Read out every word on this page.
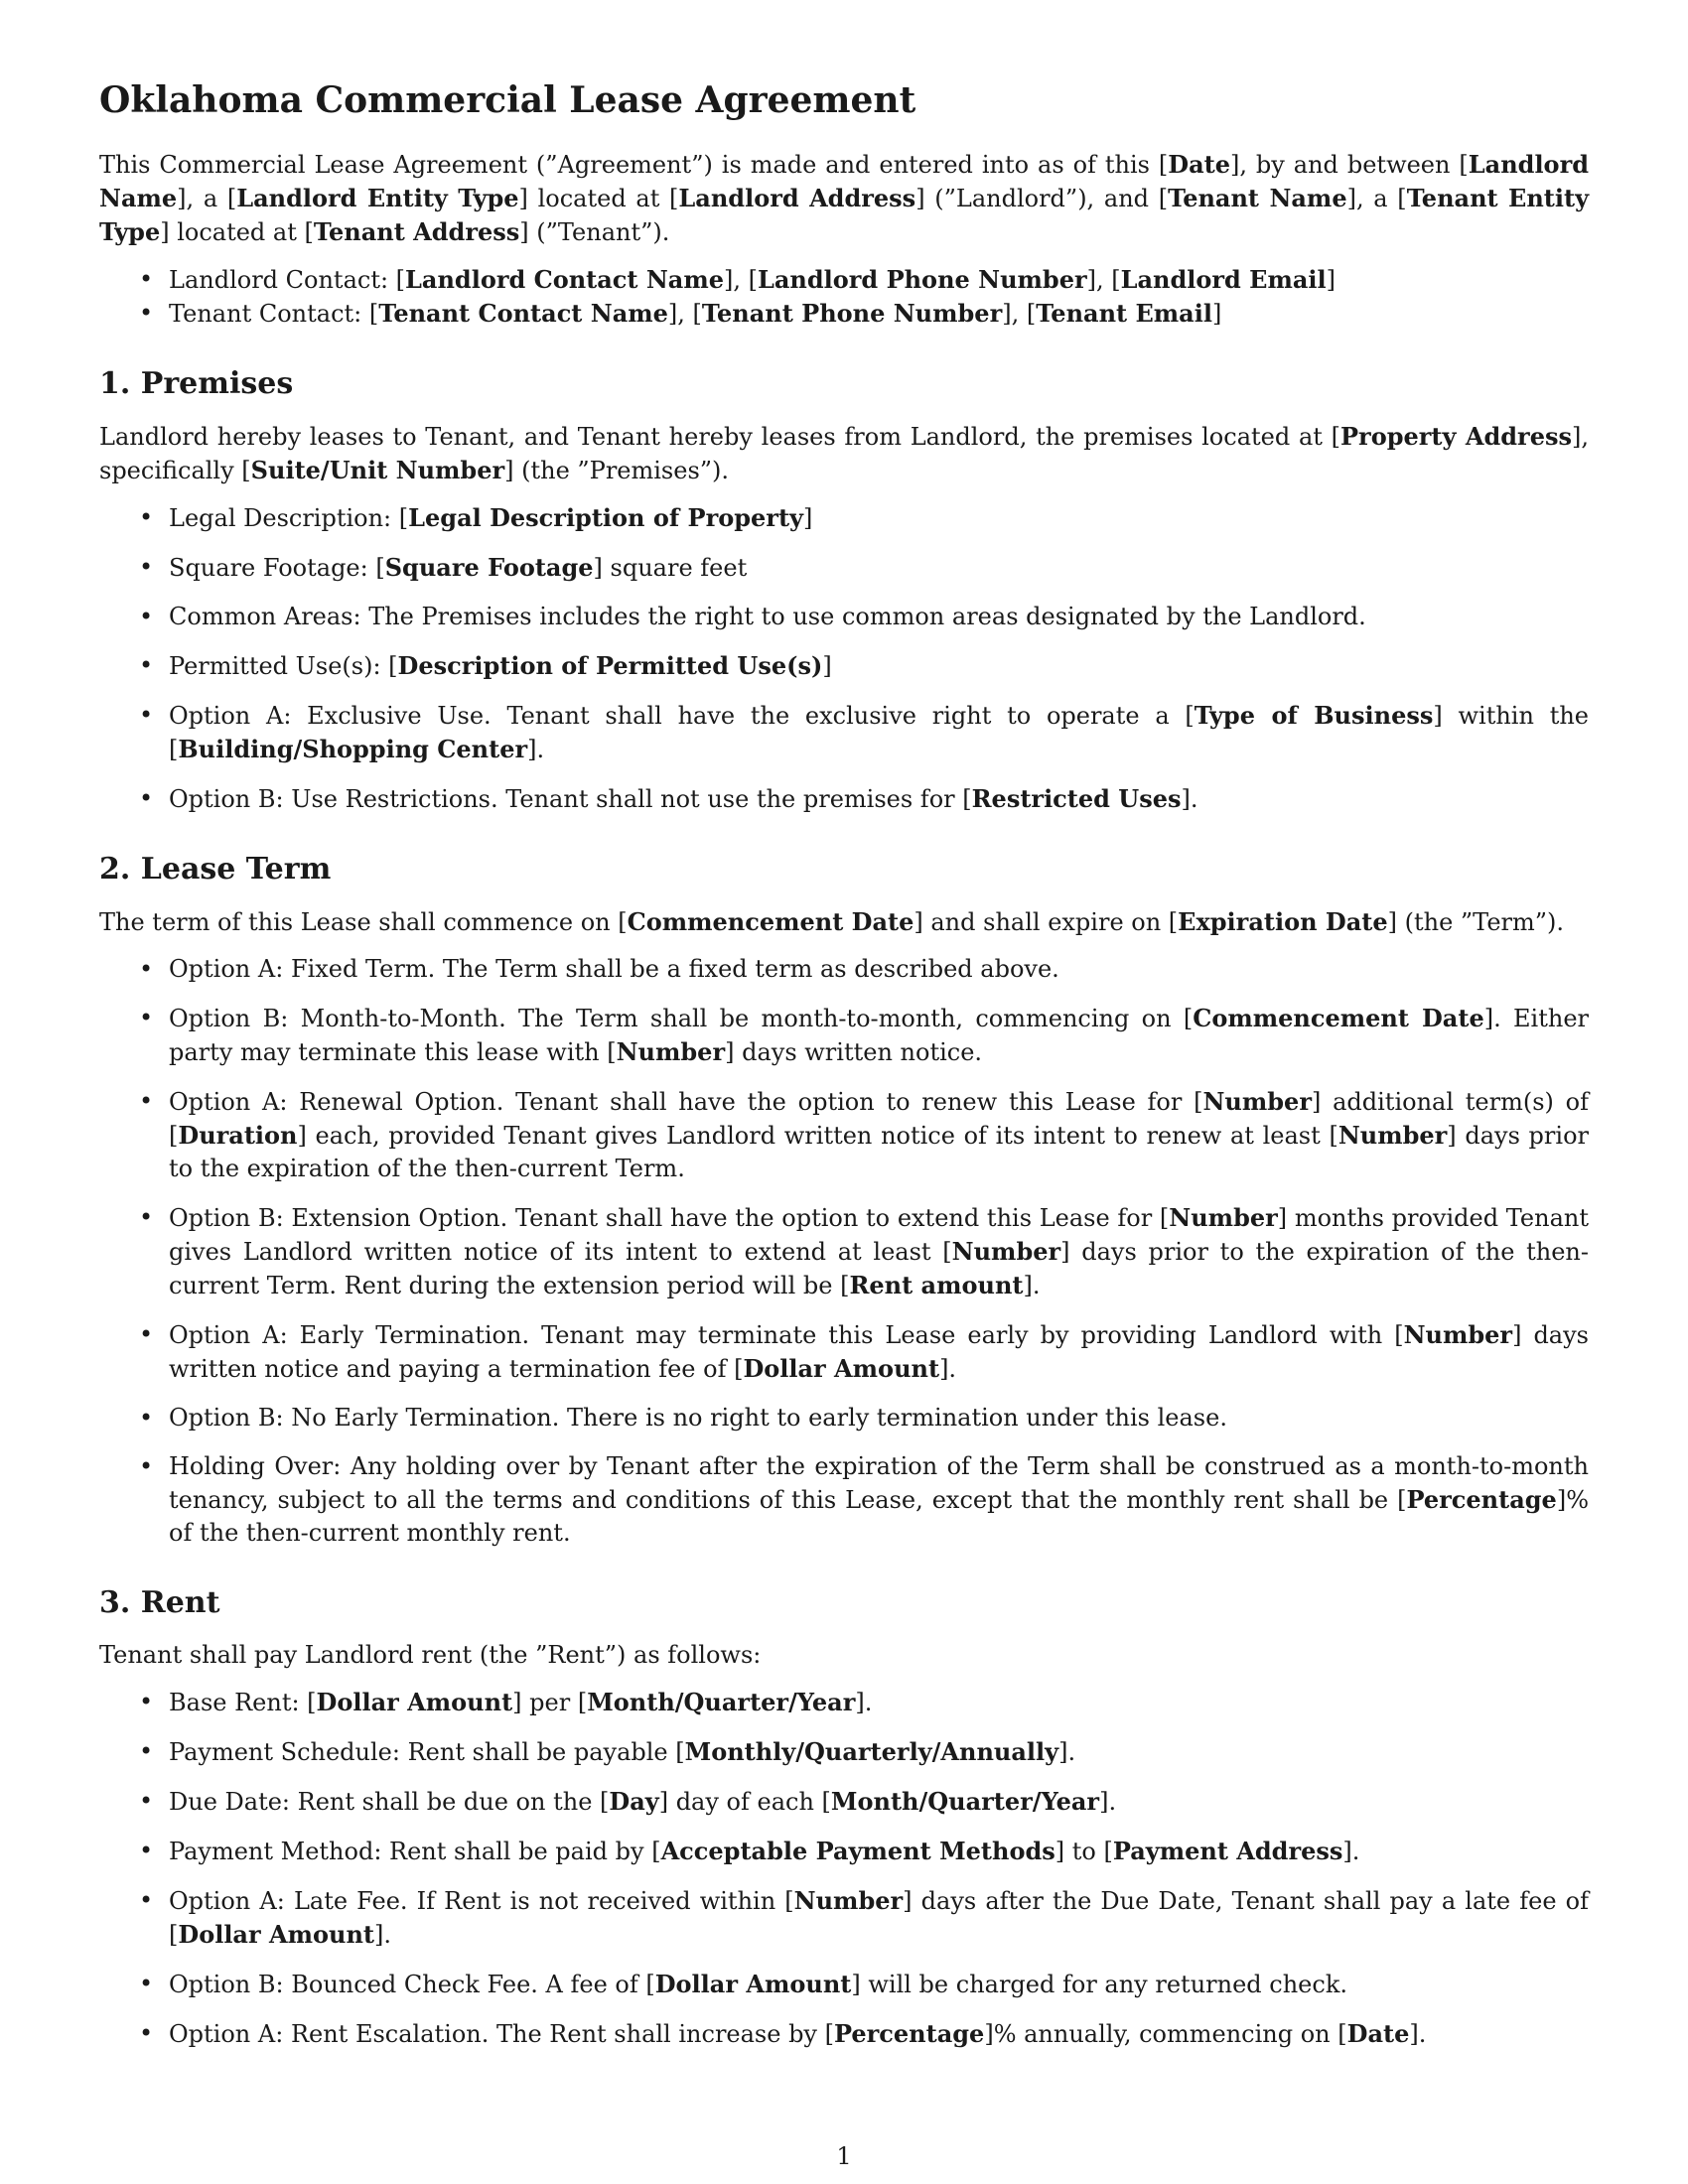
Oklahoma Commercial Lease Agreement

This Commercial Lease Agreement (”Agreement”) is made and entered into as of this [Date], by and between [Landlord Name], a [Landlord Entity Type] located at [Landlord Address] (”Landlord”), and [Tenant Name], a [Tenant Entity Type] located at [Tenant Address] (”Tenant”).

• Landlord Contact: [Landlord Contact Name], [Landlord Phone Number], [Landlord Email]
• Tenant Contact: [Tenant Contact Name], [Tenant Phone Number], [Tenant Email]
1. Premises

Landlord hereby leases to Tenant, and Tenant hereby leases from Landlord, the premises located at [Property Address], specifically [Suite/Unit Number] (the ”Premises”).

• Legal Description: [Legal Description of Property]
• Square Footage: [Square Footage] square feet
• Common Areas: The Premises includes the right to use common areas designated by the Landlord.
• Permitted Use(s): [Description of Permitted Use(s)]
• Option A: Exclusive Use. Tenant shall have the exclusive right to operate a [Type of Business] within the [Building/Shopping Center].
• Option B: Use Restrictions. Tenant shall not use the premises for [Restricted Uses].
2. Lease Term

The term of this Lease shall commence on [Commencement Date] and shall expire on [Expiration Date] (the ”Term”).

• Option A: Fixed Term. The Term shall be a fixed term as described above.
• Option B: Month-to-Month. The Term shall be month-to-month, commencing on [Commencement Date]. Either party may terminate this lease with [Number] days written notice.
• Option A: Renewal Option. Tenant shall have the option to renew this Lease for [Number] additional term(s) of [Duration] each, provided Tenant gives Landlord written notice of its intent to renew at least [Number] days prior to the expiration of the then-current Term.
• Option B: Extension Option. Tenant shall have the option to extend this Lease for [Number] months provided Tenant gives Landlord written notice of its intent to extend at least [Number] days prior to the expiration of the then-current Term. Rent during the extension period will be [Rent amount].
• Option A: Early Termination. Tenant may terminate this Lease early by providing Landlord with [Number] days written notice and paying a termination fee of [Dollar Amount].
• Option B: No Early Termination. There is no right to early termination under this lease.
• Holding Over: Any holding over by Tenant after the expiration of the Term shall be construed as a month-to-month tenancy, subject to all the terms and conditions of this Lease, except that the monthly rent shall be [Percentage]% of the then-current monthly rent.
3. Rent

Tenant shall pay Landlord rent (the ”Rent”) as follows:

• Base Rent: [Dollar Amount] per [Month/Quarter/Year].
• Payment Schedule: Rent shall be payable [Monthly/Quarterly/Annually].
• Due Date: Rent shall be due on the [Day] day of each [Month/Quarter/Year].
• Payment Method: Rent shall be paid by [Acceptable Payment Methods] to [Payment Address].
• Option A: Late Fee. If Rent is not received within [Number] days after the Due Date, Tenant shall pay a late fee of [Dollar Amount].
• Option B: Bounced Check Fee. A fee of [Dollar Amount] will be charged for any returned check.
• Option A: Rent Escalation. The Rent shall increase by [Percentage]% annually, commencing on [Date].
1
